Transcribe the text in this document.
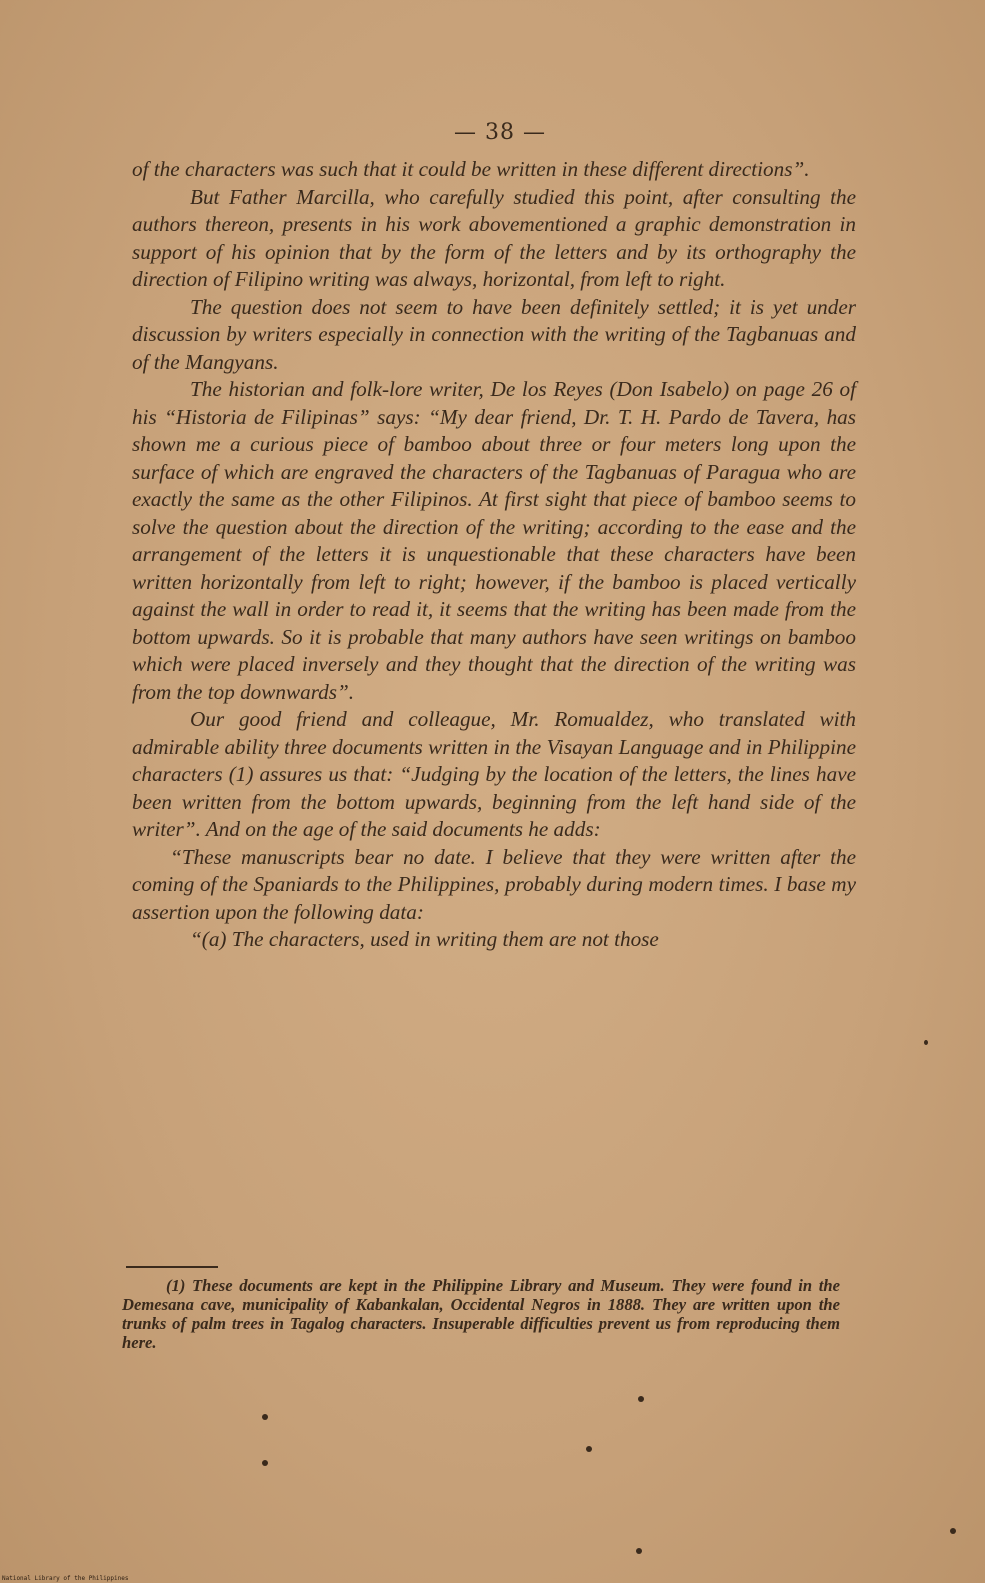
— 38 —

of the characters was such that it could be written in these different directions”.

But Father Marcilla, who carefully studied this point, after consulting the authors thereon, presents in his work abovementioned a graphic demonstration in support of his opinion that by the form of the letters and by its orthography the direction of Filipino writing was always, horizontal, from left to right.

The question does not seem to have been definitely settled; it is yet under discussion by writers especially in connection with the writing of the Tagbanuas and of the Mangyans.

The historian and folk-lore writer, De los Reyes (Don Isabelo) on page 26 of his “Historia de Filipinas” says: “My dear friend, Dr. T. H. Pardo de Tavera, has shown me a curious piece of bamboo about three or four meters long upon the surface of which are engraved the characters of the Tagbanuas of Paragua who are exactly the same as the other Filipinos. At first sight that piece of bamboo seems to solve the question about the direction of the writing; according to the ease and the arrangement of the letters it is unquestionable that these characters have been written horizontally from left to right; however, if the bamboo is placed vertically against the wall in order to read it, it seems that the writing has been made from the bottom upwards. So it is probable that many authors have seen writings on bamboo which were placed inversely and they thought that the direction of the writing was from the top downwards”.

Our good friend and colleague, Mr. Romualdez, who translated with admirable ability three documents written in the Visayan Language and in Philippine characters (1) assures us that: “Judging by the location of the letters, the lines have been written from the bottom upwards, beginning from the left hand side of the writer”. And on the age of the said documents he adds:

“These manuscripts bear no date. I believe that they were written after the coming of the Spaniards to the Philippines, probably during modern times. I base my assertion upon the following data:

“(a) The characters, used in writing them are not those

(1) These documents are kept in the Philippine Library and Museum. They were found in the Demesana cave, municipality of Kabankalan, Occidental Negros in 1888. They are written upon the trunks of palm trees in Tagalog characters. Insuperable difficulties prevent us from reproducing them here.

National Library of the Philippines
